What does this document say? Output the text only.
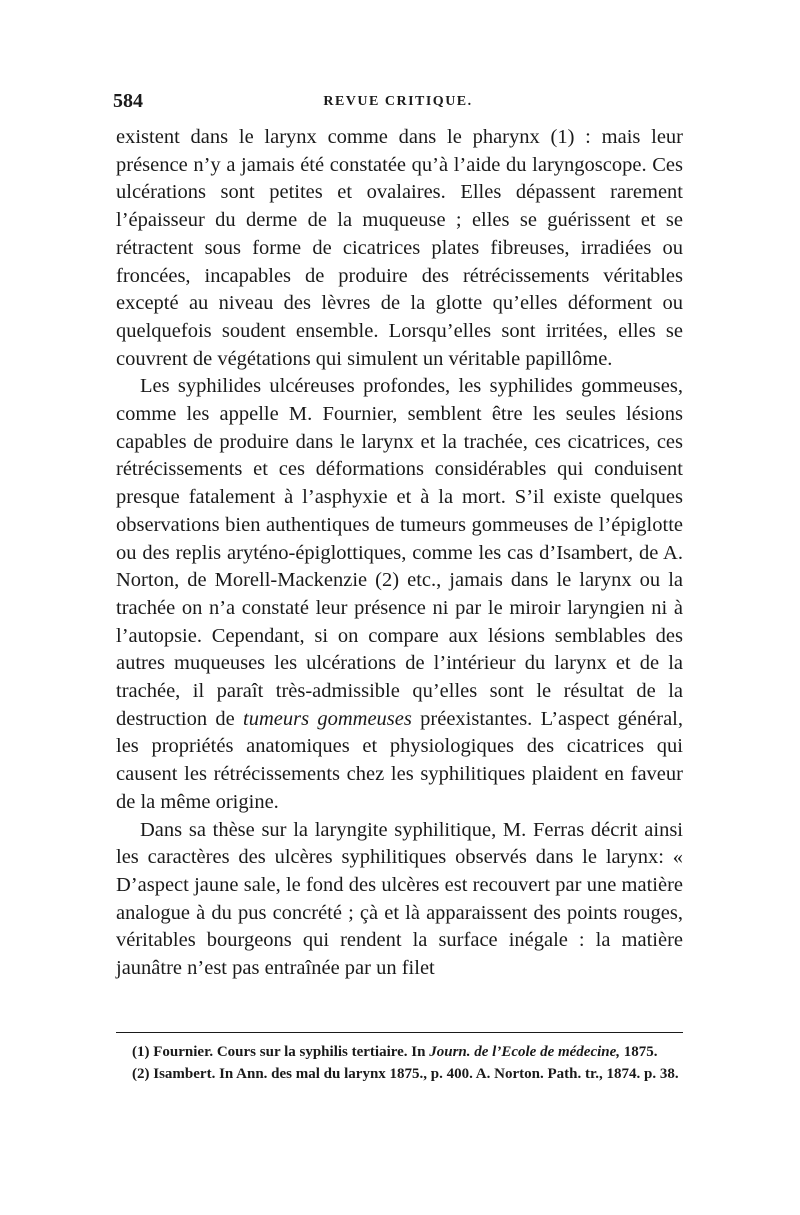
584	REVUE CRITIQUE.

existent dans le larynx comme dans le pharynx (1) : mais leur présence n’y a jamais été constatée qu’à l’aide du laryngoscope. Ces ulcérations sont petites et ovalaires. Elles dépassent rarement l’épaisseur du derme de la muqueuse ; elles se guérissent et se rétractent sous forme de cicatrices plates fibreuses, irradiées ou froncées, incapables de produire des rétrécissements véritables excepté au niveau des lèvres de la glotte qu’elles déforment ou quelquefois soudent ensemble. Lorsqu’elles sont irritées, elles se couvrent de végétations qui simulent un véritable papillôme.

Les syphilides ulcéreuses profondes, les syphilides gommeuses, comme les appelle M. Fournier, semblent être les seules lésions capables de produire dans le larynx et la trachée, ces cicatrices, ces rétrécissements et ces déformations considérables qui conduisent presque fatalement à l’asphyxie et à la mort. S’il existe quelques observations bien authentiques de tumeurs gommeuses de l’épiglotte ou des replis aryténo-épiglottiques, comme les cas d’Isambert, de A. Norton, de Morell-Mackenzie (2) etc., jamais dans le larynx ou la trachée on n’a constaté leur présence ni par le miroir laryngien ni à l’autopsie. Cependant, si on compare aux lésions semblables des autres muqueuses les ulcérations de l’intérieur du larynx et de la trachée, il paraît très-admissible qu’elles sont le résultat de la destruction de tumeurs gommeuses préexistantes. L’aspect général, les propriétés anatomiques et physiologiques des cicatrices qui causent les rétrécissements chez les syphilitiques plaident en faveur de la même origine.

Dans sa thèse sur la laryngite syphilitique, M. Ferras décrit ainsi les caractères des ulcères syphilitiques observés dans le larynx: « D’aspect jaune sale, le fond des ulcères est recouvert par une matière analogue à du pus concrété ; çà et là apparaissent des points rouges, véritables bourgeons qui rendent la surface inégale : la matière jaunâtre n’est pas entraînée par un filet

(1) Fournier. Cours sur la syphilis tertiaire. In Journ. de l’Ecole de médecine, 1875.

(2) Isambert. In Ann. des mal du larynx 1875., p. 400. A. Norton. Path. tr., 1874. p. 38.
